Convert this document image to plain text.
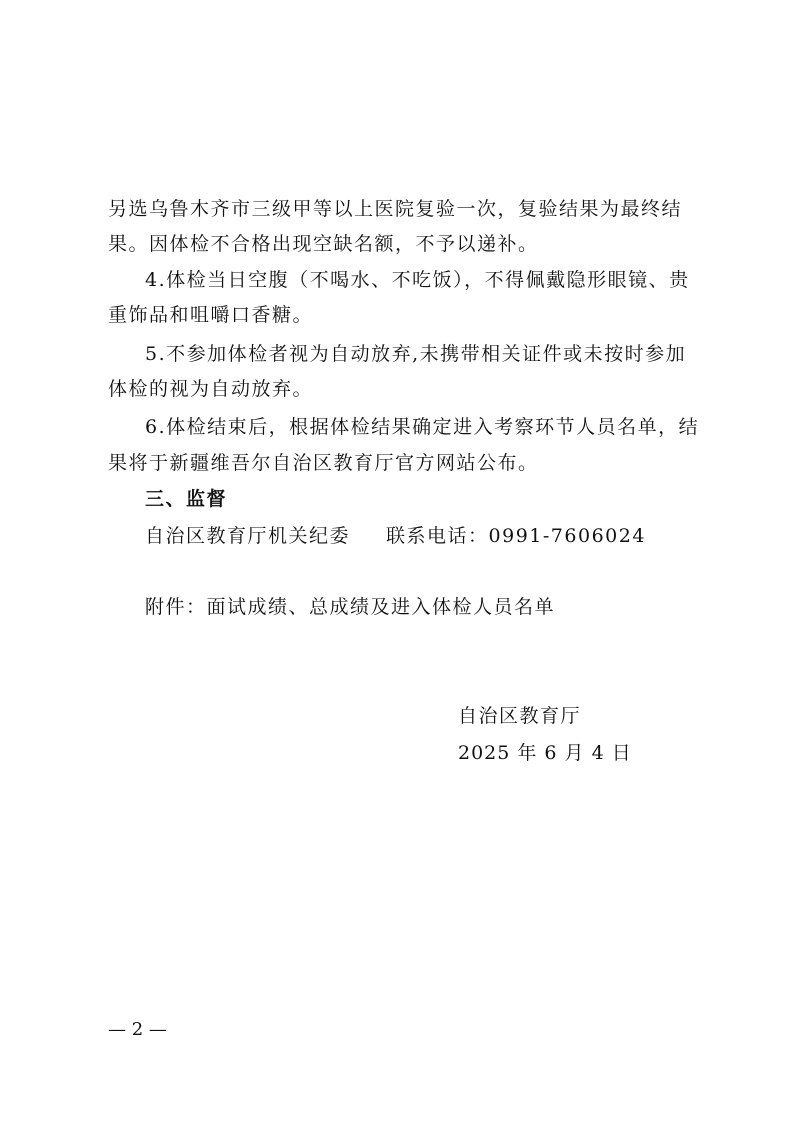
另选乌鲁木齐市三级甲等以上医院复验一次，复验结果为最终结
果。因体检不合格出现空缺名额，不予以递补。
4.体检当日空腹（不喝水、不吃饭），不得佩戴隐形眼镜、贵
重饰品和咀嚼口香糖。
5.不参加体检者视为自动放弃,未携带相关证件或未按时参加
体检的视为自动放弃。
6.体检结束后，根据体检结果确定进入考察环节人员名单，结
果将于新疆维吾尔自治区教育厅官方网站公布。
三、监督
自治区教育厅机关纪委 联系电话：0991-7606024
附件：面试成绩、总成绩及进入体检人员名单
自治区教育厅
2025 年 6 月 4 日
— 2 —
